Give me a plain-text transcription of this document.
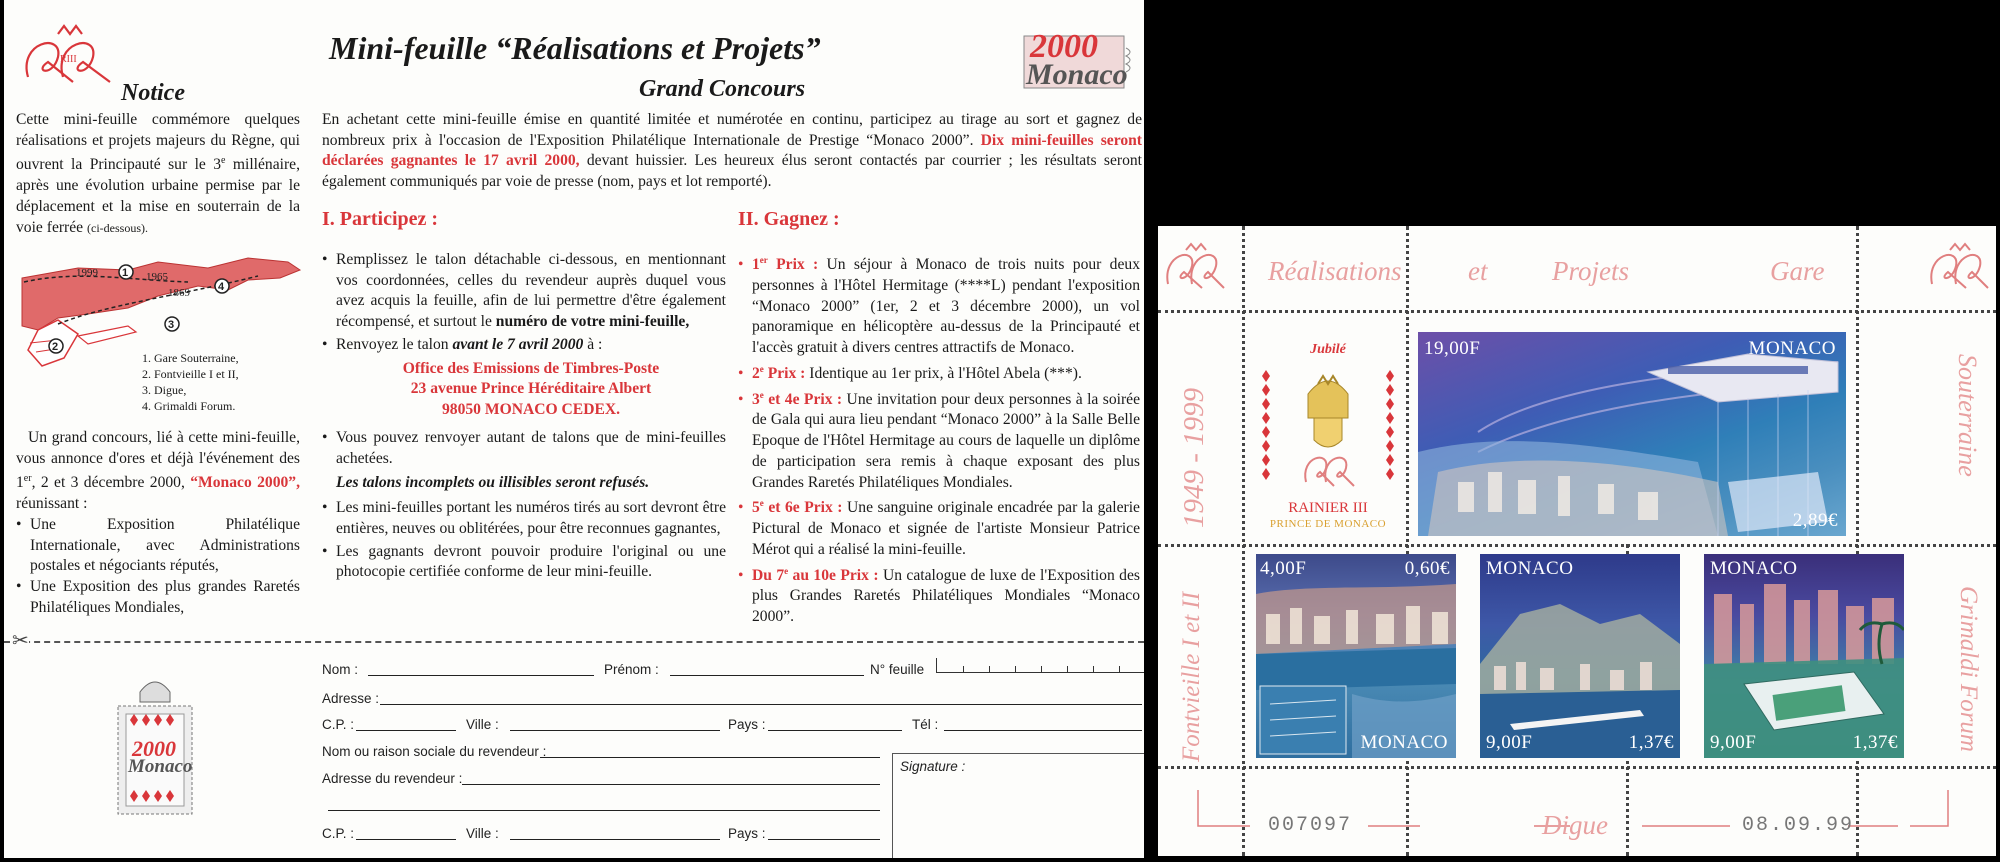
RIII	2000
Monaco
Mini-feuille “Réalisations et Projets”
Grand Concours
Notice

Cette mini-feuille commémore quelques réalisations et projets majeurs du Règne, qui ouvrent la Principauté sur le 3e millénaire, après une évolution urbaine permise par le déplacement et la mise en souterrain de la voie ferrée (ci-dessous).

1999	1965
1869
1
2
3
4
1. Gare Souterraine,
2. Fontvieille I et II,
3. Digue,
4. Grimaldi Forum.

Un grand concours, lié à cette mini-feuille, vous annonce d'ores et déjà l'événement des 1er, 2 et 3 décembre 2000, “Monaco 2000”, réunissant :

• Une Exposition Philatélique Internationale, avec Administrations postales et négociants réputés,

• Une Exposition des plus grandes Raretés Philatéliques Mondiales,

En achetant cette mini-feuille émise en quantité limitée et numérotée en continu, participez au tirage au sort et gagnez de nombreux prix à l'occasion de l'Exposition Philatélique Internationale de Prestige “Monaco 2000”. Dix mini-feuilles seront déclarées gagnantes le 17 avril 2000, devant huissier. Les heureux élus seront contactés par courrier ; les résultats seront également communiqués par voie de presse (nom, pays et lot remporté).

I. Participez :

• Remplissez le talon détachable ci-dessous, en mentionnant vos coordonnées, celles du revendeur auprès duquel vous avez acquis la feuille, afin de lui permettre d'être également récompensé, et surtout le numéro de votre mini-feuille,

• Renvoyez le talon avant le 7 avril 2000 à :

Office des Emissions de Timbres-Poste
23 avenue Prince Héréditaire Albert
98050 MONACO CEDEX.

• Vous pouvez renvoyer autant de talons que de mini-feuilles achetées.

Les talons incomplets ou illisibles seront refusés.

• Les mini-feuilles portant les numéros tirés au sort devront être entières, neuves ou oblitérées, pour être reconnues gagnantes,

• Les gagnants devront pouvoir produire l'original ou une photocopie certifiée conforme de leur mini-feuille.

II. Gagnez :

• 1er Prix : Un séjour à Monaco de trois nuits pour deux personnes à l'Hôtel Hermitage (****L) pendant l'exposition “Monaco 2000” (1er, 2 et 3 décembre 2000), un vol panoramique en hélicoptère au-dessus de la Principauté et l'accès gratuit à divers centres attractifs de Monaco.

• 2e Prix : Identique au 1er prix, à l'Hôtel Abela (***).

• 3e et 4e Prix : Une invitation pour deux personnes à la soirée de Gala qui aura lieu pendant “Monaco 2000” à la Salle Belle Epoque de l'Hôtel Hermitage au cours de laquelle un diplôme de participation sera remis à chaque exposant des plus Grandes Raretés Philatéliques Mondiales.

• 5e et 6e Prix : Une sanguine originale encadrée par la galerie Pictural de Monaco et signée de l'artiste Monsieur Patrice Mérot qui a réalisé la mini-feuille.

• Du 7e au 10e Prix : Un catalogue de luxe de l'Exposition des plus Grandes Raretés Philatéliques Mondiales “Monaco 2000”.

✂
2000
Monaco
Nom :	Prénom :	N° feuille
Adresse :
C.P. :	Ville :	Pays :	Tél :
Nom ou raison sociale du revendeur :
Adresse du revendeur :
C.P. :	Ville :	Pays :
Signature :
Réalisations et Projets	Gare
1949 - 1999
Fontvieille I et II
Souterraine
Grimaldi Forum
Jubilé
RAINIER III
PRINCE DE MONACO
19,00F	MONACO
2,89€
4,00F	0,60€
MONACO
MONACO
9,00F	1,37€
MONACO
9,00F	1,37€
007097	Digue	08.09.99
